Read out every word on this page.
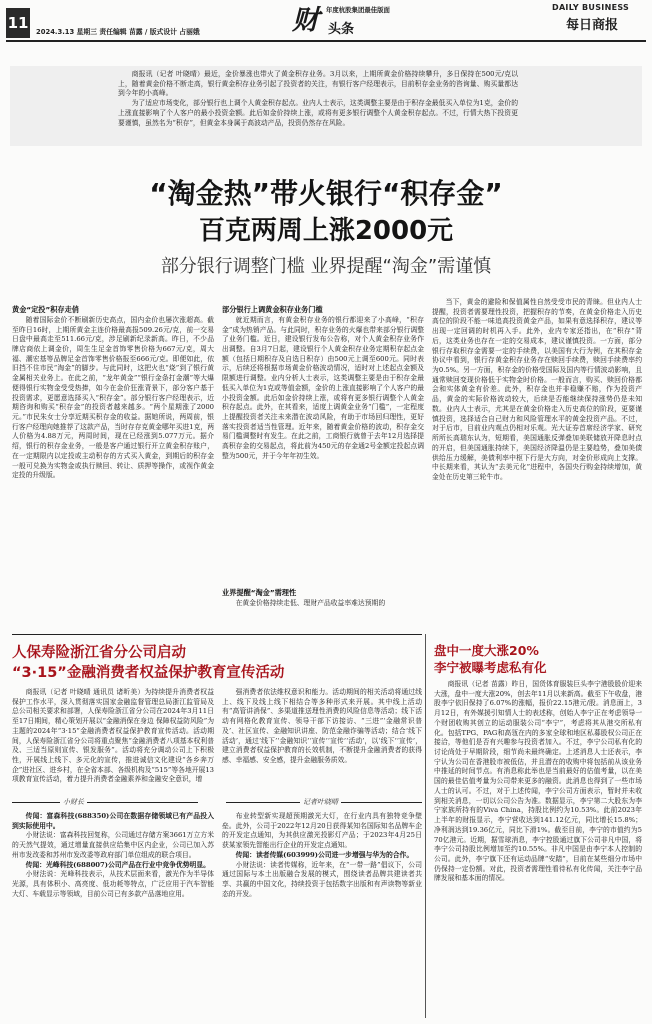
11 2024.3.13 星期三 责任编辑 苗露 / 版式设计 占丽娥	财 头条
年度杭股集团最佳版面	DAILY BUSINESS
每日商报

商报讯（记者 叶晓晴）最近，金价暴涨也带火了黄金积存业务。3月以来，上期所黄金价格持续攀升，多日保持在500元/克以上，随着黄金价格不断走高，银行黄金积存业务引起了投资者的关注，有银行客户经理表示，目前积存金业务的咨询量、购买量都达到今年的小高峰。

为了适应市场变化，部分银行也上调个人黄金积存起点。业内人士表示，这类调整主要是由于积存金最低买入单位为1克，金价的上涨直接影响了个人客户的最小投资金额。此后如金价持续上涨，或将有更多银行调整个人黄金积存起点。不过，行情大热下投资更要谨慎，虽然名为“积存”，但黄金本身属于高波动产品，投资仍然存在风险。

“淘金热”带火银行“积存金”
百克两周上涨2000元
部分银行调整门槛 业界提醒“淘金”需谨慎
黄金“定投”积存走俏

随着国际金价不断刷新历史高点，国内金价也屡次涨超高。截至昨日16时，上期所黄金主连价格最高报509.26元/克，前一交易日盘中最高走至511.66元/克，涉足刷新纪录新高。昨日，不少品牌店商依上调金价，周生生足金首饰零售价格为667元/克，周大福、潮宏基等品牌足金首饰零售价格报至666元/克。即便如此，依旧挡不住市民“淘金”的脚步。与此同时，这把火也“烧”到了银行黄金属相关业务上。在此之前，“龙年黄金”“银行金条打金潮”等大爆便得银行实物金受受热捧，如今在金价狂涨背景下，部分客户基于投资需求，更愿意选择买入“积存金”。部分银行客户经理表示，近期咨询和购买“积存金”的投资者越来越多。“两个星期涨了2000元。”市民朱女士分享近期买积存金的收益。据她所说，两周前，银行客户经理向她推荐了这款产品，当时存存克黄金哪年买进1克，两人价格为4.88万元，两周时间，现在已经涨到5.077万元。据介绍，银行的积存金业务，一般是客户通过银行开立黄金积存账户，在一定期限内以定投或主动积存的方式买入黄金，到期后的积存金一般可兑换为实物金或执行赎回、转让、质押等操作，或视作黄金定投的升级版。

部分银行上调黄金积存业务门槛

就近期而言，有黄金积存业务的银行都迎来了小高峰，“积存金”成为热销产品。与此同时，积存业务的火爆也带来部分银行调整了业务门槛。近日，建设银行发布公告称，对个人黄金积存业务作出调整。自3月7日起，建设银行个人黄金积存业务定期积存起点金额（包括日期积存及自选日积存）由500元上调至600元。同时表示，后续还将根据市场黄金价格波动情况，适时对上述起点金额及限额进行调整。业内分析人士表示，这类调整主要是由于积存金最低买入单位为1克或等值金额，金价的上涨直接影响了个人客户的最小投资金额。此后如金价持续上涨，或将有更多银行调整个人黄金积存起点。此外，在其看来，适度上调黄金业务“门槛”，一定程度上提醒投资者关注未来潜在波动风险，有助于市场回归理性，更好落实投资者适当性管理。近年来，随着黄金价格的波动，积存金交易门槛调整时有发生。在此之前，工商银行就曾于去年12月选择提高积存金的交易起点，将此前为450元的存金通2号金额定投起点调整为500元，并于今年年初生效。

业界提醒“淘金”需理性

在黄金价格持续走低、理财产品收益率难达预期的

当下，黄金的避险和保值属性自然受受市民的青睐。但业内人士提醒，投资者需要理性投资，把握积存的节奏，在黄金价格走入历史高位的阶段不能一味追高投资黄金产品，如果有意选择积存，建议等出现一定回调的时机再入手。此外，业内专家还指出，在“积存”背后，这类业务也存在一定的交易成本，建议谨慎投资。一方面，部分银行存取积存金需要一定的手续费，以美国有大行为例，在其积存金协议中看到，银行存黄金积存业务存在赎回手续费，赎回手续费率约为0.5%。另一方面，积存金的价格受国际及国内等行情波动影响，且通常赎回变现价格低于实物金时价格。一般而言，购买、赎回价格都会和实体黄金有价差。此外，积存金也并非稳赚不赔，作为投资产品，黄金的实际价格波动较大，后续是否能继续保持涨势仍是未知数。业内人士表示，尤其是在黄金价格走入历史高位的阶段，更要谨慎投资，选择适合自己财力和风险管理水平的黄金投资产品。不过，对于后市，目前业内观点仍相对乐观。光大证券首席经济学家、研究所所长高瑞东认为，短期看，美国通胀反弹叠加美联储放开降息时点的开启，但美国通胀持续下，美国经济降温仍是主要趋势，叠加美债供给压力缓解，美债利率中枢下行是大方向，对金价形成向上支撑。中长期来看，其认为“去美元化”进程中，各国央行购金持续增加，黄金处在历史第三轮牛市。

人保寿险浙江省分公司启动
“3·15”金融消费者权益保护教育宣传活动

商报讯（记者 叶晓晴 通讯员 诸昕美）为持续提升消费者权益保护工作水平，深入贯彻落实国家金融监督管理总局浙江监管局及总公司相关要求和部署，人保寿险浙江省分公司在2024年3月11日至17日期间，精心策划开展以“金融消保在身边 保障权益防风险”为主题的2024年“3·15”金融消费者权益保护教育宣传活动。活动期间，人保寿险浙江省分公司将重点聚焦“金融消费者八项基本权利普及、三适当原则宣传、银发服务”。活动将充分调动公司上下积极性，开展线上线下、多元化的宣传，推进诚信文化建设“各乡奔万企”进社区、进乡村，在全省本部、各级机构及“515”等各地开展13项教育宣传活动，着力提升消费者金融素养和金融安全意识，增

强消费者依法维权意识和能力。活动期间的相关活动将通过线上、线下及线上线下相结合等多种形式来开展。其中线上活动有“高管讲消保”、多渠道推送理性消费的风险信息等活动；线下活动有网格化教育宣传、领导干部下访接访、“三进”‘金融常识普及’、社区宣传、金融知识讲座、防范金融诈骗等活动；结合‘线下活动’，通过‘线下’‘金融知识’‘宣传’‘宣传’‘活动’，以‘线下’‘宣传’，建立消费者权益保护教育的长效机制，不断提升金融消费者的获得感、幸福感、安全感，提升金融服务质效。

盘中一度大涨20%
李宁被曝考虑私有化

商报讯（记者 苗露）昨日，国货体育服装巨头李宁港股股价迎来大涨，盘中一度大涨20%，创去年11月以来新高。截至下午收盘，港股李宁依旧保持了6.07%的涨幅，报价22.15港元/股。消息面上，3月12日，有外媒援引知情人士的表述称，创始人李宁正在考虑领导一个财团收购其创立的运动服装公司“李宁”，考虑将其从港交所私有化。包括TPG、PAG和高瓴在内的多家全球和地区私募股权公司正在接洽，等他们是否有兴趣参与投资者加入。不过，李宁公司私有化的讨论尚处于早期阶段，细节尚未最终确定。上述消息人士还表示，李宁认为公司在香港股市被低估，并且潜在的收购中将包括前从该业务中推延的时间节点。有消息称此举也是当前最好的估值考量，以在美国的最佳估值考量为公司带来更多的融资。此消息也得到了一些市场人士的认可。不过，对于上述传闻，李宁公司方面表示，暂时并未收到相关消息，一切以公司公告为准。数据显示，李宁第二大股东为李宁家族所持有的Viva China，持股比例约为10.53%。此前2023年上半年的财报显示，李宁营收达到141.12亿元，同比增长15.8%；净利润达到19.36亿元，同比下滑1%。截至目前，李宁的市值约为570亿港元。近期，据雪球消息，李宁控股通过旗下公司非凡中国，将李宁公司持股比例增加至约10.55%。非凡中国是由李宁本人控制的公司。此外，李宁旗下还有运动品牌“安踏”，目前在某些细分市场中仍保持一定份额。对此，投资者需理性看待私有化传闻，关注李宁品牌发展和基本面的情况。

小财长	记者叶晓晴

传闻：富森科技(688350)公司在数据存储领域已有产品投入到实际使用中。

小财法说：富森科技回复称，公司通过存储方案3661万立方米的天然气提效，通过增量直接供应给集中区内企业，公司已加入苏州市发改委和苏州市发改委等政府部门单位组成的联合项目。

传闻：光峰科技(688007)公司产品在行业中竞争优势明显。

小财法说：光峰科技表示，从技术层面来看，激光作为半导体光源，具有体积小、高亮度、低功耗等特点，广泛应用于汽车智能大灯、车载显示等领域，目前公司已有多款产品落地应用。

布业转型新实现超预期激光大灯，在行业内具有独特竞争壁垒。此外，公司于2022年12月20日获得某知名国际知名品牌车企的开发定点通知，为其供应激光投影灯产品；于2023年4月25日获某家领先智能出行企业的开发定点通知。

传闻：读者传媒(603999)公司进一步增强与华为的合作。

小财法说：读者传媒称，近年来，在“一带一路”倡议下，公司通过国际与本土出版融合发展的模式，围绕读者品牌共建读者共享、共赢的中国文化，持续投资于包括数字出版和有声读物等新业态的开发。
